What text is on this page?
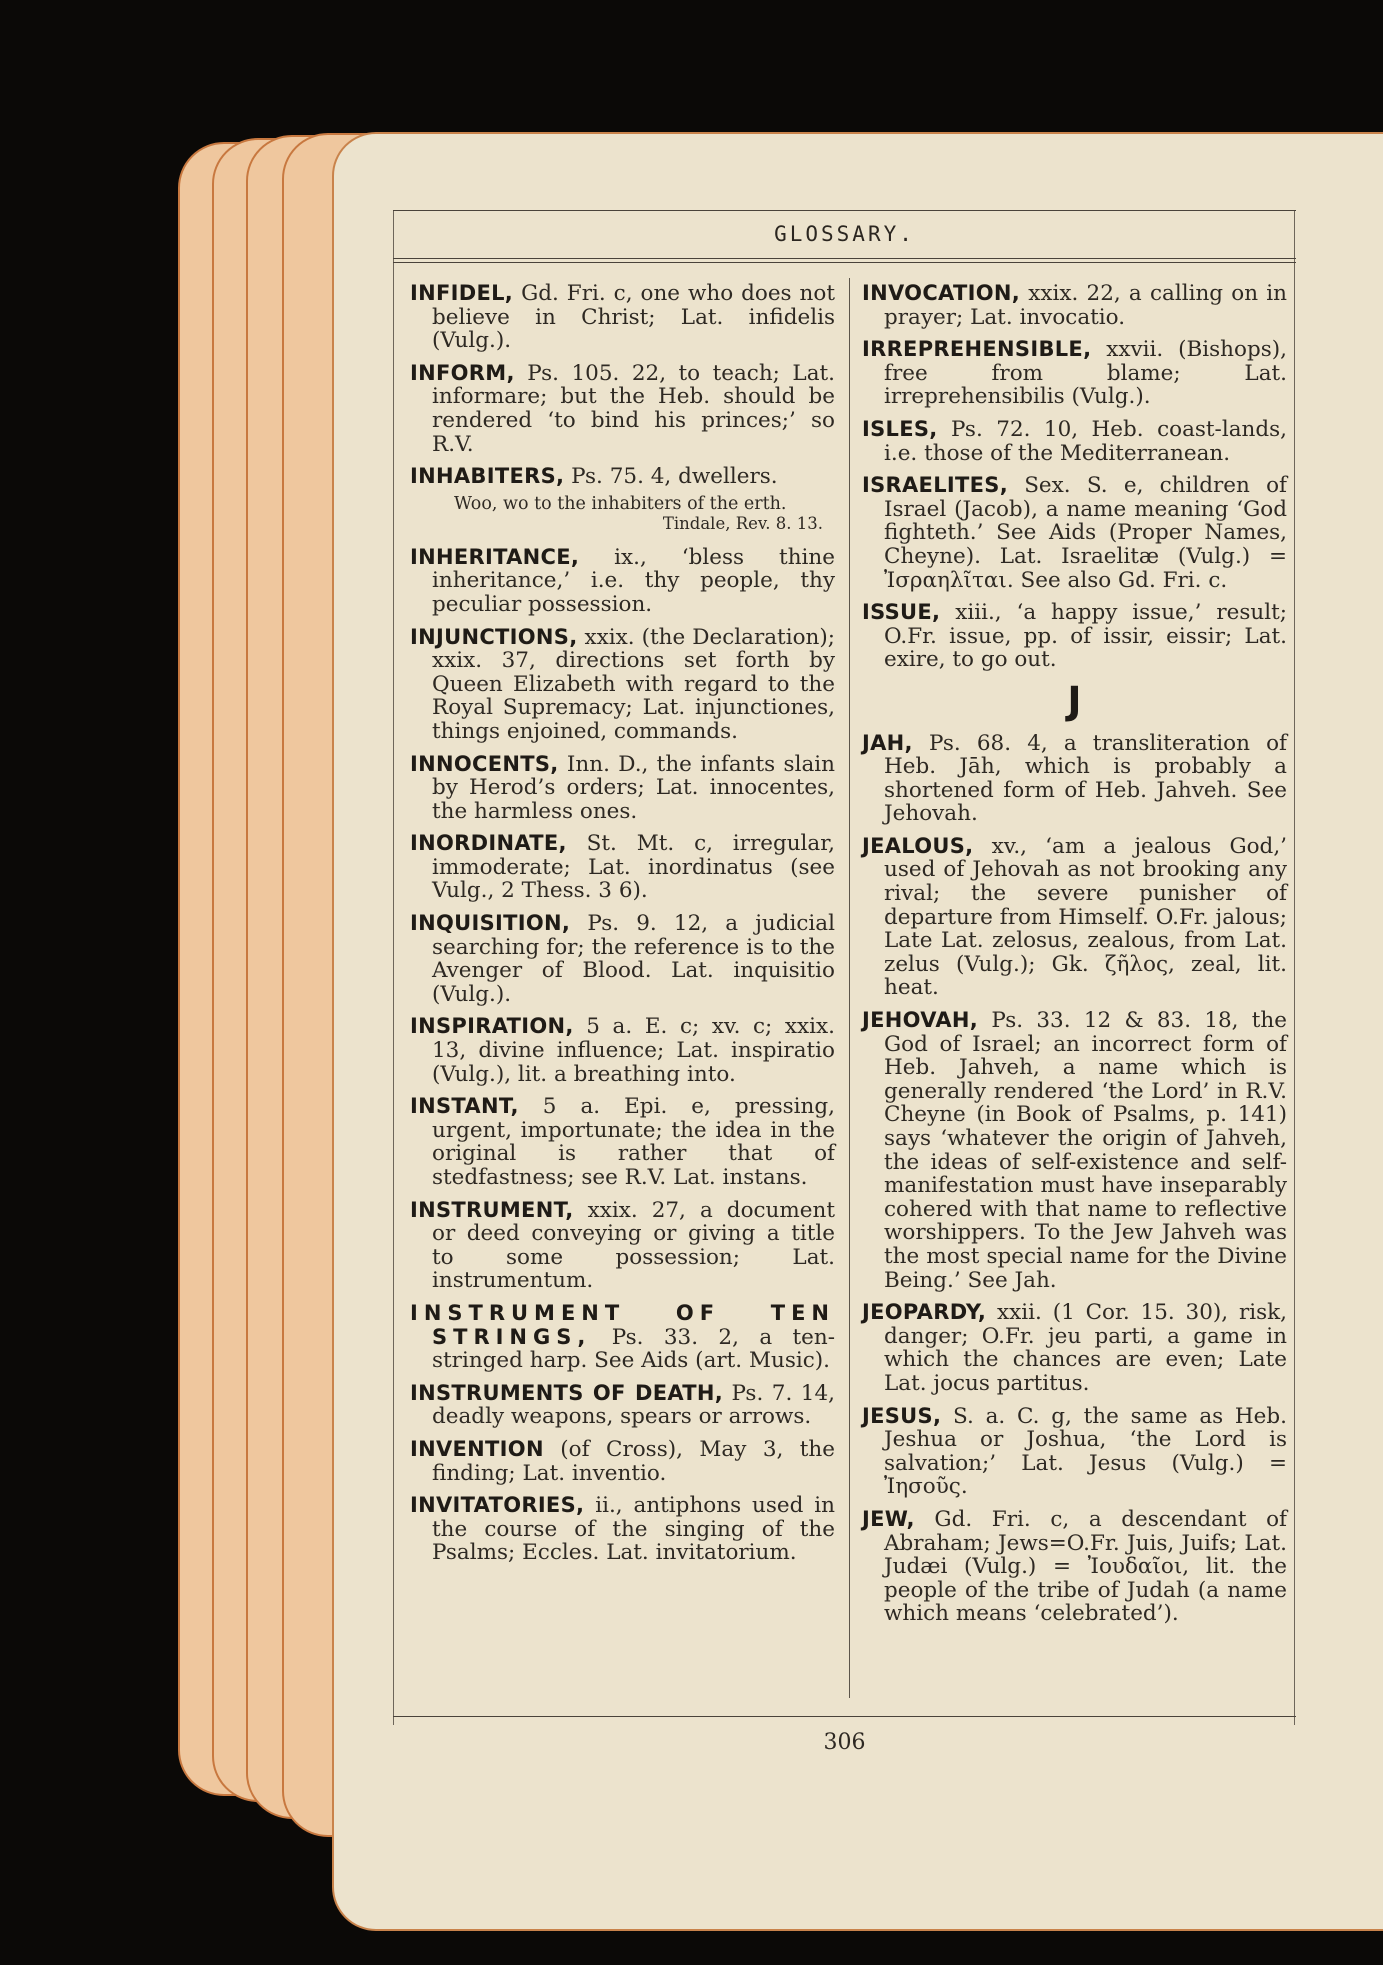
GLOSSARY.
INFIDEL, Gd. Fri. c, one who does not believe in Christ; Lat. infidelis (Vulg.).
INFORM, Ps. 105. 22, to teach; Lat. informare; but the Heb. should be rendered ‘to bind his princes;’ so R.V.
INHABITERS, Ps. 75. 4, dwellers.
Woo, wo to the inhabiters of the erth.
Tindale, Rev. 8. 13.
INHERITANCE, ix., ‘bless thine inheritance,’ i.e. thy people, thy peculiar possession.
INJUNCTIONS, xxix. (the Declaration); xxix. 37, directions set forth by Queen Elizabeth with regard to the Royal Supremacy; Lat. injunctiones, things enjoined, commands.
INNOCENTS, Inn. D., the infants slain by Herod’s orders; Lat. innocentes, the harmless ones.
INORDINATE, St. Mt. c, irregular, immoderate; Lat. inordinatus (see Vulg., 2 Thess. 3 6).
INQUISITION, Ps. 9. 12, a judicial searching for; the reference is to the Avenger of Blood. Lat. inquisitio (Vulg.).
INSPIRATION, 5 a. E. c; xv. c; xxix. 13, divine influence; Lat. inspiratio (Vulg.), lit. a breathing into.
INSTANT, 5 a. Epi. e, pressing, urgent, importunate; the idea in the original is rather that of stedfastness; see R.V. Lat. instans.
INSTRUMENT, xxix. 27, a document or deed conveying or giving a title to some possession; Lat. instrumentum.
INSTRUMENT OF TEN STRINGS, Ps. 33. 2, a ten-stringed harp. See Aids (art. Music).
INSTRUMENTS OF DEATH, Ps. 7. 14, deadly weapons, spears or arrows.
INVENTION (of Cross), May 3, the finding; Lat. inventio.
INVITATORIES, ii., antiphons used in the course of the singing of the Psalms; Eccles. Lat. invitatorium.
INVOCATION, xxix. 22, a calling on in prayer; Lat. invocatio.
IRREPREHENSIBLE, xxvii. (Bishops), free from blame; Lat. irreprehensibilis (Vulg.).
ISLES, Ps. 72. 10, Heb. coast-lands, i.e. those of the Mediterranean.
ISRAELITES, Sex. S. e, children of Israel (Jacob), a name meaning ‘God fighteth.’ See Aids (Proper Names, Cheyne). Lat. Israelitæ (Vulg.) = Ἰσραηλῖται. See also Gd. Fri. c.
ISSUE, xiii., ‘a happy issue,’ result; O.Fr. issue, pp. of issir, eissir; Lat. exire, to go out.
J
JAH, Ps. 68. 4, a transliteration of Heb. Jāh, which is probably a shortened form of Heb. Jahveh. See Jehovah.
JEALOUS, xv., ‘am a jealous God,’ used of Jehovah as not brooking any rival; the severe punisher of departure from Himself. O.Fr. jalous; Late Lat. zelosus, zealous, from Lat. zelus (Vulg.); Gk. ζῆλος, zeal, lit. heat.
JEHOVAH, Ps. 33. 12 & 83. 18, the God of Israel; an incorrect form of Heb. Jahveh, a name which is generally rendered ‘the Lord’ in R.V. Cheyne (in Book of Psalms, p. 141) says ‘whatever the origin of Jahveh, the ideas of self-existence and self-manifestation must have inseparably cohered with that name to reflective worshippers. To the Jew Jahveh was the most special name for the Divine Being.’ See Jah.
JEOPARDY, xxii. (1 Cor. 15. 30), risk, danger; O.Fr. jeu parti, a game in which the chances are even; Late Lat. jocus partitus.
JESUS, S. a. C. g, the same as Heb. Jeshua or Joshua, ‘the Lord is salvation;’ Lat. Jesus (Vulg.) = Ἰησοῦς.
JEW, Gd. Fri. c, a descendant of Abraham; Jews=O.Fr. Juis, Juifs; Lat. Judæi (Vulg.) = Ἰουδαῖοι, lit. the people of the tribe of Judah (a name which means ‘celebrated’).
306
